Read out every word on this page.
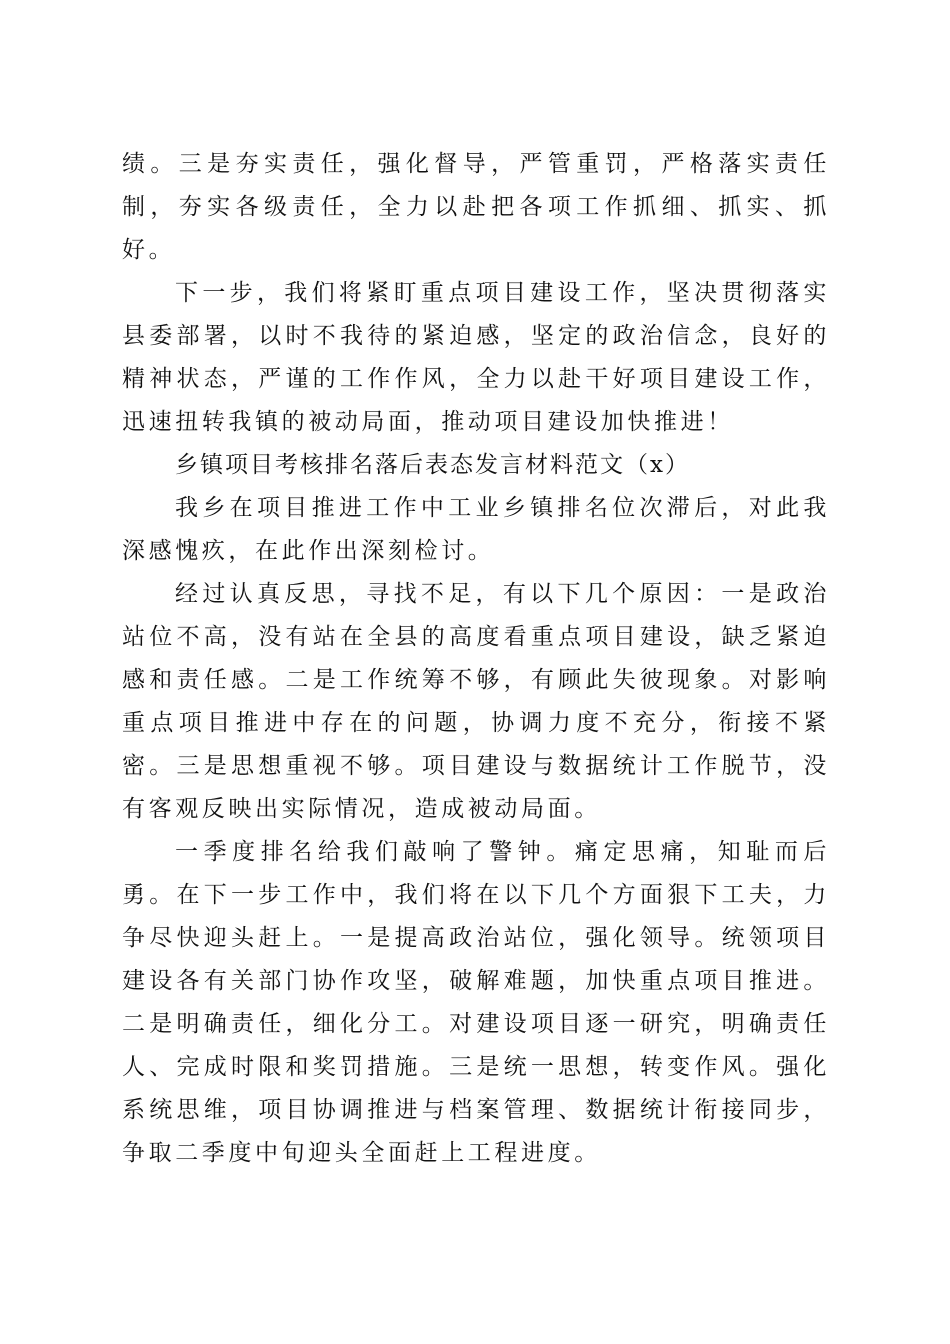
绩。三是夯实责任，强化督导，严管重罚，严格落实责任制，夯实各级责任，全力以赴把各项工作抓细、抓实、抓好。

下一步，我们将紧盯重点项目建设工作，坚决贯彻落实县委部署，以时不我待的紧迫感，坚定的政治信念，良好的精神状态，严谨的工作作风，全力以赴干好项目建设工作，迅速扭转我镇的被动局面，推动项目建设加快推进！

乡镇项目考核排名落后表态发言材料范文（x）

我乡在项目推进工作中工业乡镇排名位次滞后，对此我深感愧疚，在此作出深刻检讨。

经过认真反思，寻找不足，有以下几个原因：一是政治站位不高，没有站在全县的高度看重点项目建设，缺乏紧迫感和责任感。二是工作统筹不够，有顾此失彼现象。对影响重点项目推进中存在的问题，协调力度不充分，衔接不紧密。三是思想重视不够。项目建设与数据统计工作脱节，没有客观反映出实际情况，造成被动局面。

一季度排名给我们敲响了警钟。痛定思痛，知耻而后勇。在下一步工作中，我们将在以下几个方面狠下工夫，力争尽快迎头赶上。一是提高政治站位，强化领导。统领项目建设各有关部门协作攻坚，破解难题，加快重点项目推进。二是明确责任，细化分工。对建设项目逐一研究，明确责任人、完成时限和奖罚措施。三是统一思想，转变作风。强化系统思维，项目协调推进与档案管理、数据统计衔接同步，争取二季度中旬迎头全面赶上工程进度。
